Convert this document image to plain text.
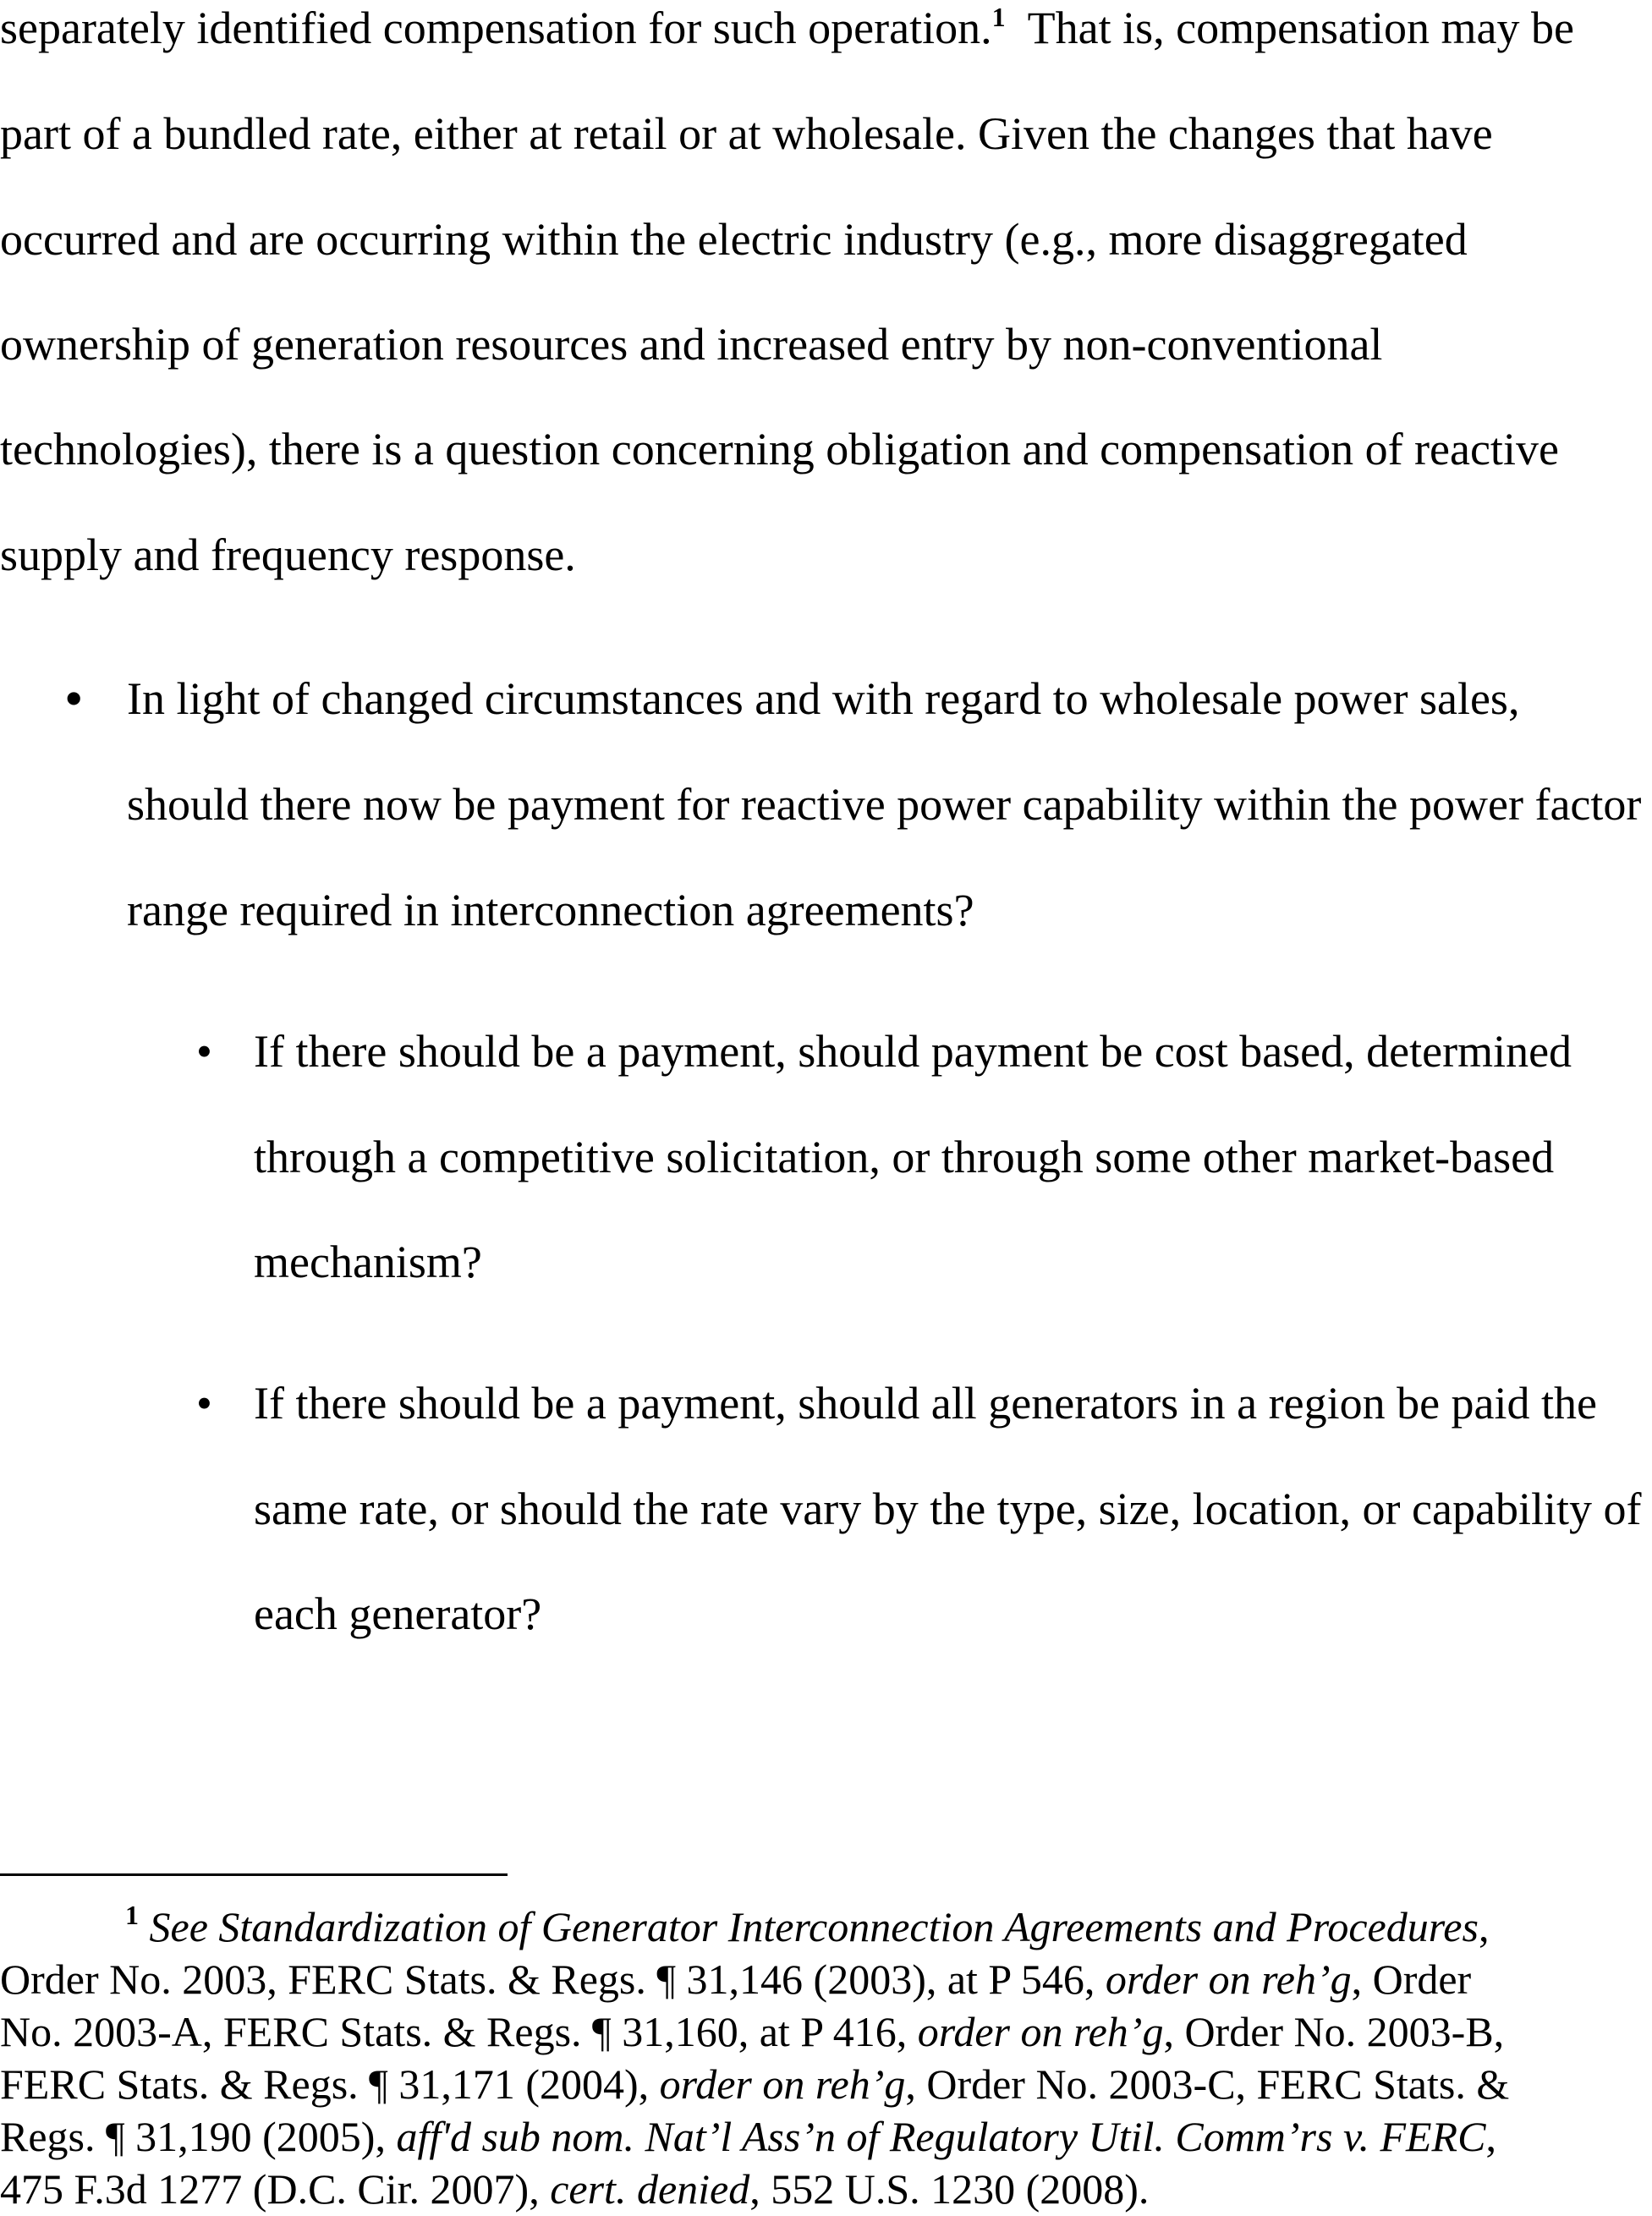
separately identified compensation for such operation.$^1$  That is, compensation may be
part of a bundled rate, either at retail or at wholesale. Given the changes that have
occurred and are occurring within the electric industry (e.g., more disaggregated
ownership of generation resources and increased entry by non-conventional
technologies), there is a question concerning obligation and compensation of reactive
supply and frequency response.
• In light of changed circumstances and with regard to wholesale power sales,
should there now be payment for reactive power capability within the power factor
range required in interconnection agreements?
• If there should be a payment, should payment be cost based, determined
through a competitive solicitation, or through some other market-based
mechanism?
• If there should be a payment, should all generators in a region be paid the
same rate, or should the rate vary by the type, size, location, or capability of
each generator?
$^1$ See Standardization of Generator Interconnection Agreements and Procedures,
Order No. 2003, FERC Stats. & Regs. ¶ 31,146 (2003), at P 546, order on reh’g, Order
No. 2003-A, FERC Stats. & Regs. ¶ 31,160, at P 416, order on reh’g, Order No. 2003-B,
FERC Stats. & Regs. ¶ 31,171 (2004), order on reh’g, Order No. 2003-C, FERC Stats. &
Regs. ¶ 31,190 (2005), aff'd sub nom. Nat’l Ass’n of Regulatory Util. Comm’rs v. FERC,
475 F.3d 1277 (D.C. Cir. 2007), cert. denied, 552 U.S. 1230 (2008).
